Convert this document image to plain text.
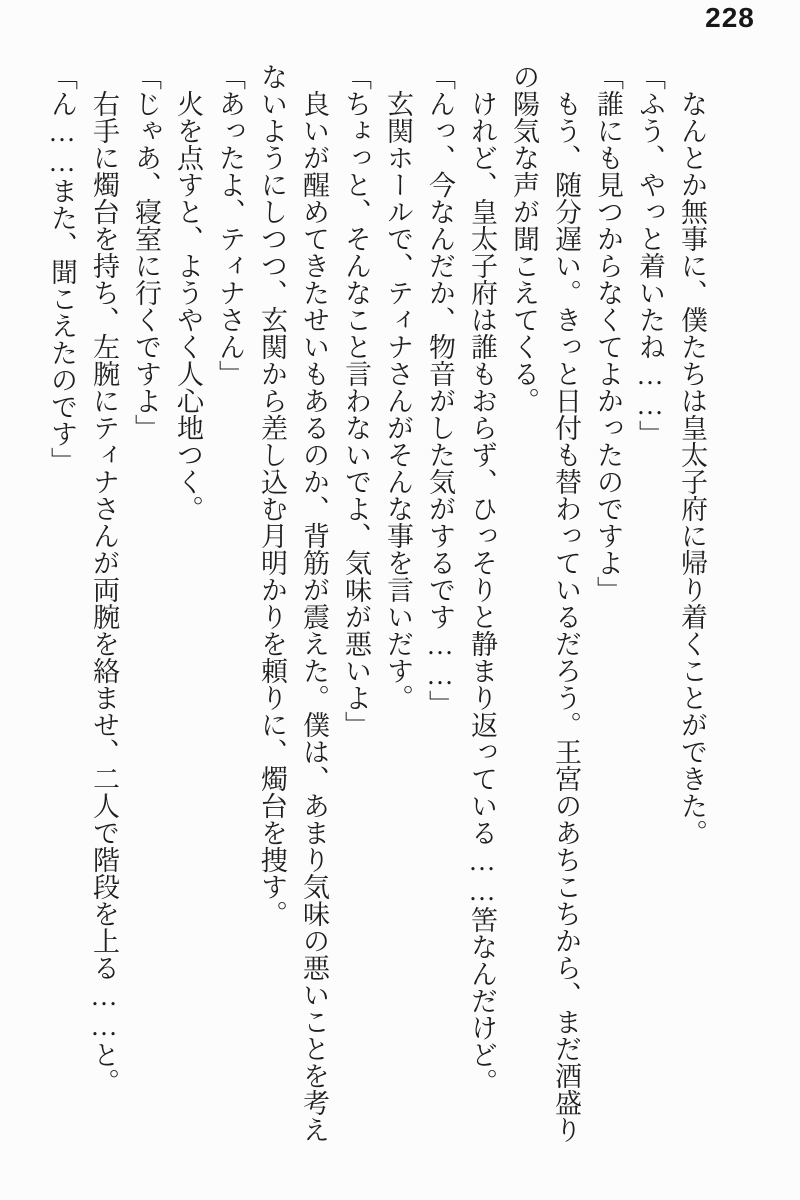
228

なんとか無事に、僕たちは皇太子府に帰り着くことができた。

「ふう、やっと着いたね……」

「誰にも見つからなくてよかったのですよ」

もう、随分遅い。きっと日付も替わっているだろう。王宮のあちこちから、まだ酒盛り

の陽気な声が聞こえてくる。

けれど、皇太子府は誰もおらず、ひっそりと静まり返っている……筈なんだけど。

「んっ、今なんだか、物音がした気がするです……」

玄関ホールで、ティナさんがそんな事を言いだす。

「ちょっと、そんなこと言わないでよ、気味が悪いよ」

良いが醒めてきたせいもあるのか、背筋が震えた。僕は、あまり気味の悪いことを考え

ないようにしつつ、玄関から差し込む月明かりを頼りに、燭台を捜す。

「あったよ、ティナさん」

火を点すと、ようやく人心地つく。

「じゃあ、寝室に行くですよ」

右手に燭台を持ち、左腕にティナさんが両腕を絡ませ、二人で階段を上る……と。

「ん……また、聞こえたのです」
